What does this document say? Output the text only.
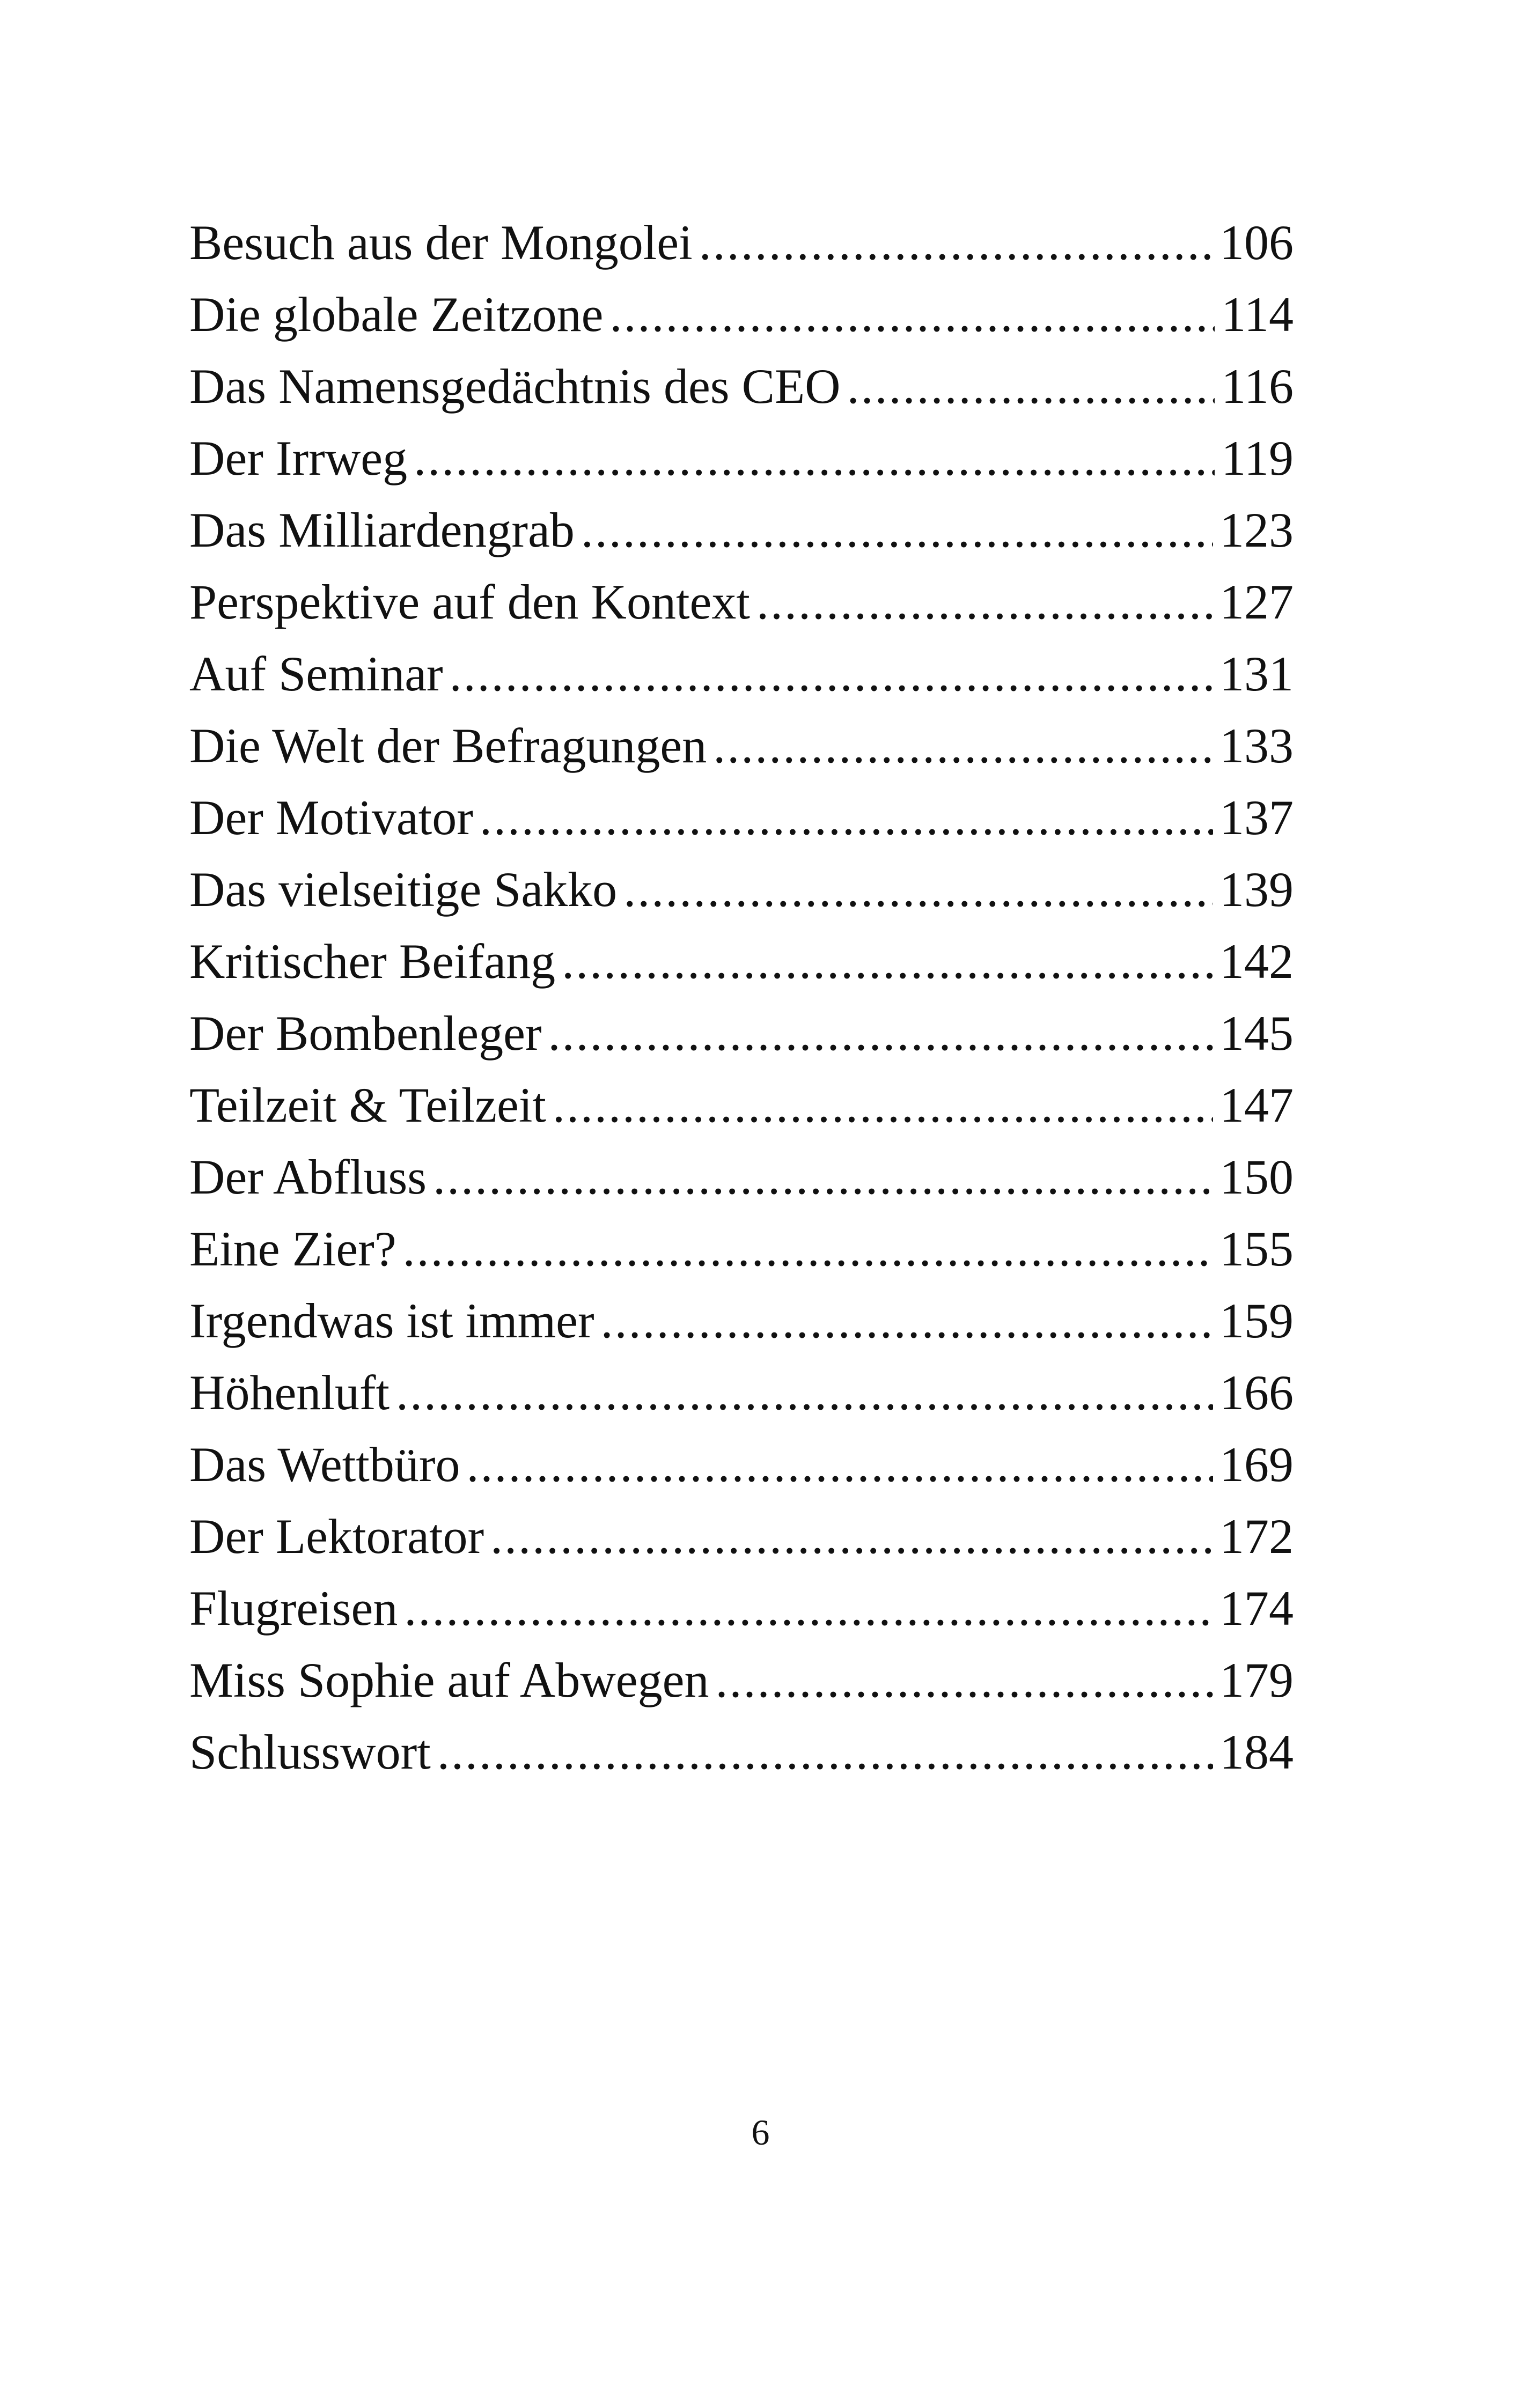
Besuch aus der Mongolei .....	106
Die globale Zeitzone .....	114
Das Namensgedächtnis des CEO .....	116
Der Irrweg .....	119
Das Milliardengrab .....	123
Perspektive auf den Kontext .....	127
Auf Seminar .....	131
Die Welt der Befragungen .....	133
Der Motivator .....	137
Das vielseitige Sakko .....	139
Kritischer Beifang .....	142
Der Bombenleger .....	145
Teilzeit & Teilzeit .....	147
Der Abfluss .....	150
Eine Zier? .....	155
Irgendwas ist immer .....	159
Höhenluft .....	166
Das Wettbüro .....	169
Der Lektorator .....	172
Flugreisen .....	174
Miss Sophie auf Abwegen .....	179
Schlusswort .....	184
6
